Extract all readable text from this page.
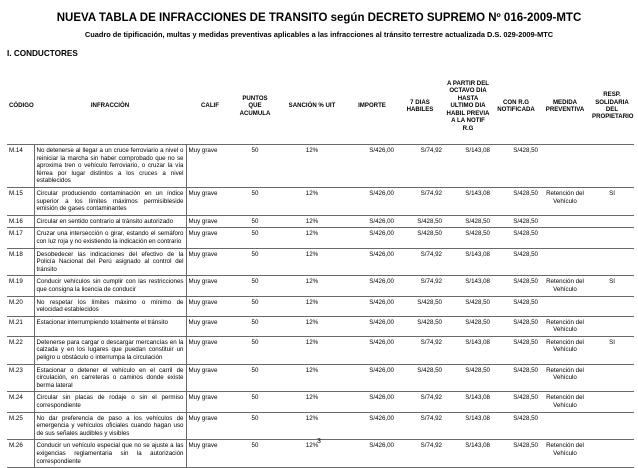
NUEVA TABLA DE INFRACCIONES DE TRANSITO según DECRETO SUPREMO Nº 016-2009-MTC
Cuadro de tipificación, multas y medidas preventivas aplicables a las infracciones al tránsito terrestre actualizada D.S. 029-2009-MTC
I. CONDUCTORES
CÓDIGO	INFRACCIÓN	CALIF	PUNTOS QUE ACUMULA	SANCIÓN % UIT	IMPORTE	7 DIAS HABILES	A PARTIR DEL OCTAVO DIA HASTA ULTIMO DIA HABIL PREVIA A LA NOTIF R.G	CON R.G NOTIFICADA	MEDIDA PREVENTIVA	RESP. SOLIDARIA DEL PROPIETARIO
M.14	No detenerse al llegar a un cruce ferroviario a nivel o reiniciar la marcha sin haber comprobado que no se aproxima tren o vehículo ferroviario, o cruzar la vía férrea por lugar distintos a los cruces a nivel establecidos	Muy grave	50	12%	S/426,00	S/74,92	S/143,08	S/428,50		
M.15	Circular produciendo contaminación en un índice superior a los límites máximos permisibleside emisión de gases contaminantes	Muy grave	50	12%	S/426,00	S/74,92	S/143,08	S/428,50	Retención del Vehículo	SI
M.16	Circular en sentido contrario al tránsito autorizado	Muy grave	50	12%	S/426,00	S/428,50	S/428,50	S/428,50		
M.17	Cruzar una intersección o girar, estando el semáforo con luz roja y no existiendo la indicación en contrario	Muy grave	50	12%	S/426,00	S/428,50	S/428,50	S/428,50		
M.18	Desobedecer las indicaciones del efectivo de la Policía Nacional del Perú asignado al control del tránsito	Muy grave	50	12%	S/426,00	S/74,92	S/143,08	S/428,50		
M.19	Conducir vehículos sin cumplir con las restricciones que consigna la licencia de conducir	Muy grave	50	12%	S/426,00	S/74,92	S/143,08	S/428,50	Retención del Vehículo	SI
M.20	No respetar los límites máximo o mínimo de velocidad establecidos	Muy grave	50	12%	S/426,00	S/428,50	S/428,50	S/428,50		
M.21	Estacionar interrumpiendo totalmente el tránsito	Muy grave	50	12%	S/426,00	S/428,50	S/428,50	S/428,50	Retención del Vehículo	
M.22	Detenerse para cargar o descargar mercancías en la calzada y en los lugares que puedan constituir un peligro u obstáculo o interrumpa la circulación	Muy grave	50	12%	S/426,00	S/74,92	S/143,08	S/428,50	Retención del Vehículo	SI
M.23	Estacionar o detener el vehículo en el carril de circulación, en carreteras o caminos donde existe berma lateral	Muy grave	50	12%	S/426,00	S/428,50	S/428,50	S/428,50	Retención del Vehículo	
M.24	Circular sin placas de rodaje o sin el permiso correspondiente	Muy grave	50	12%	S/426,00	S/74,92	S/143,08	S/428,50	Retención del Vehículo	
M.25	No dar preferencia de paso a los vehículos de emergencia y vehículos oficiales cuando hagan uso de sus señales audibles y visibles	Muy grave	50	12%	S/426,00	S/74,92	S/143,08	S/428,50		
M.26	Conducir un vehículo especial que no se ajuste a las exigencias reglamentaria sin la autorización correspondiente	Muy grave	50	12%	S/426,00	S/74,92	S/143,08	S/428,50	Retención del Vehículo	
3
